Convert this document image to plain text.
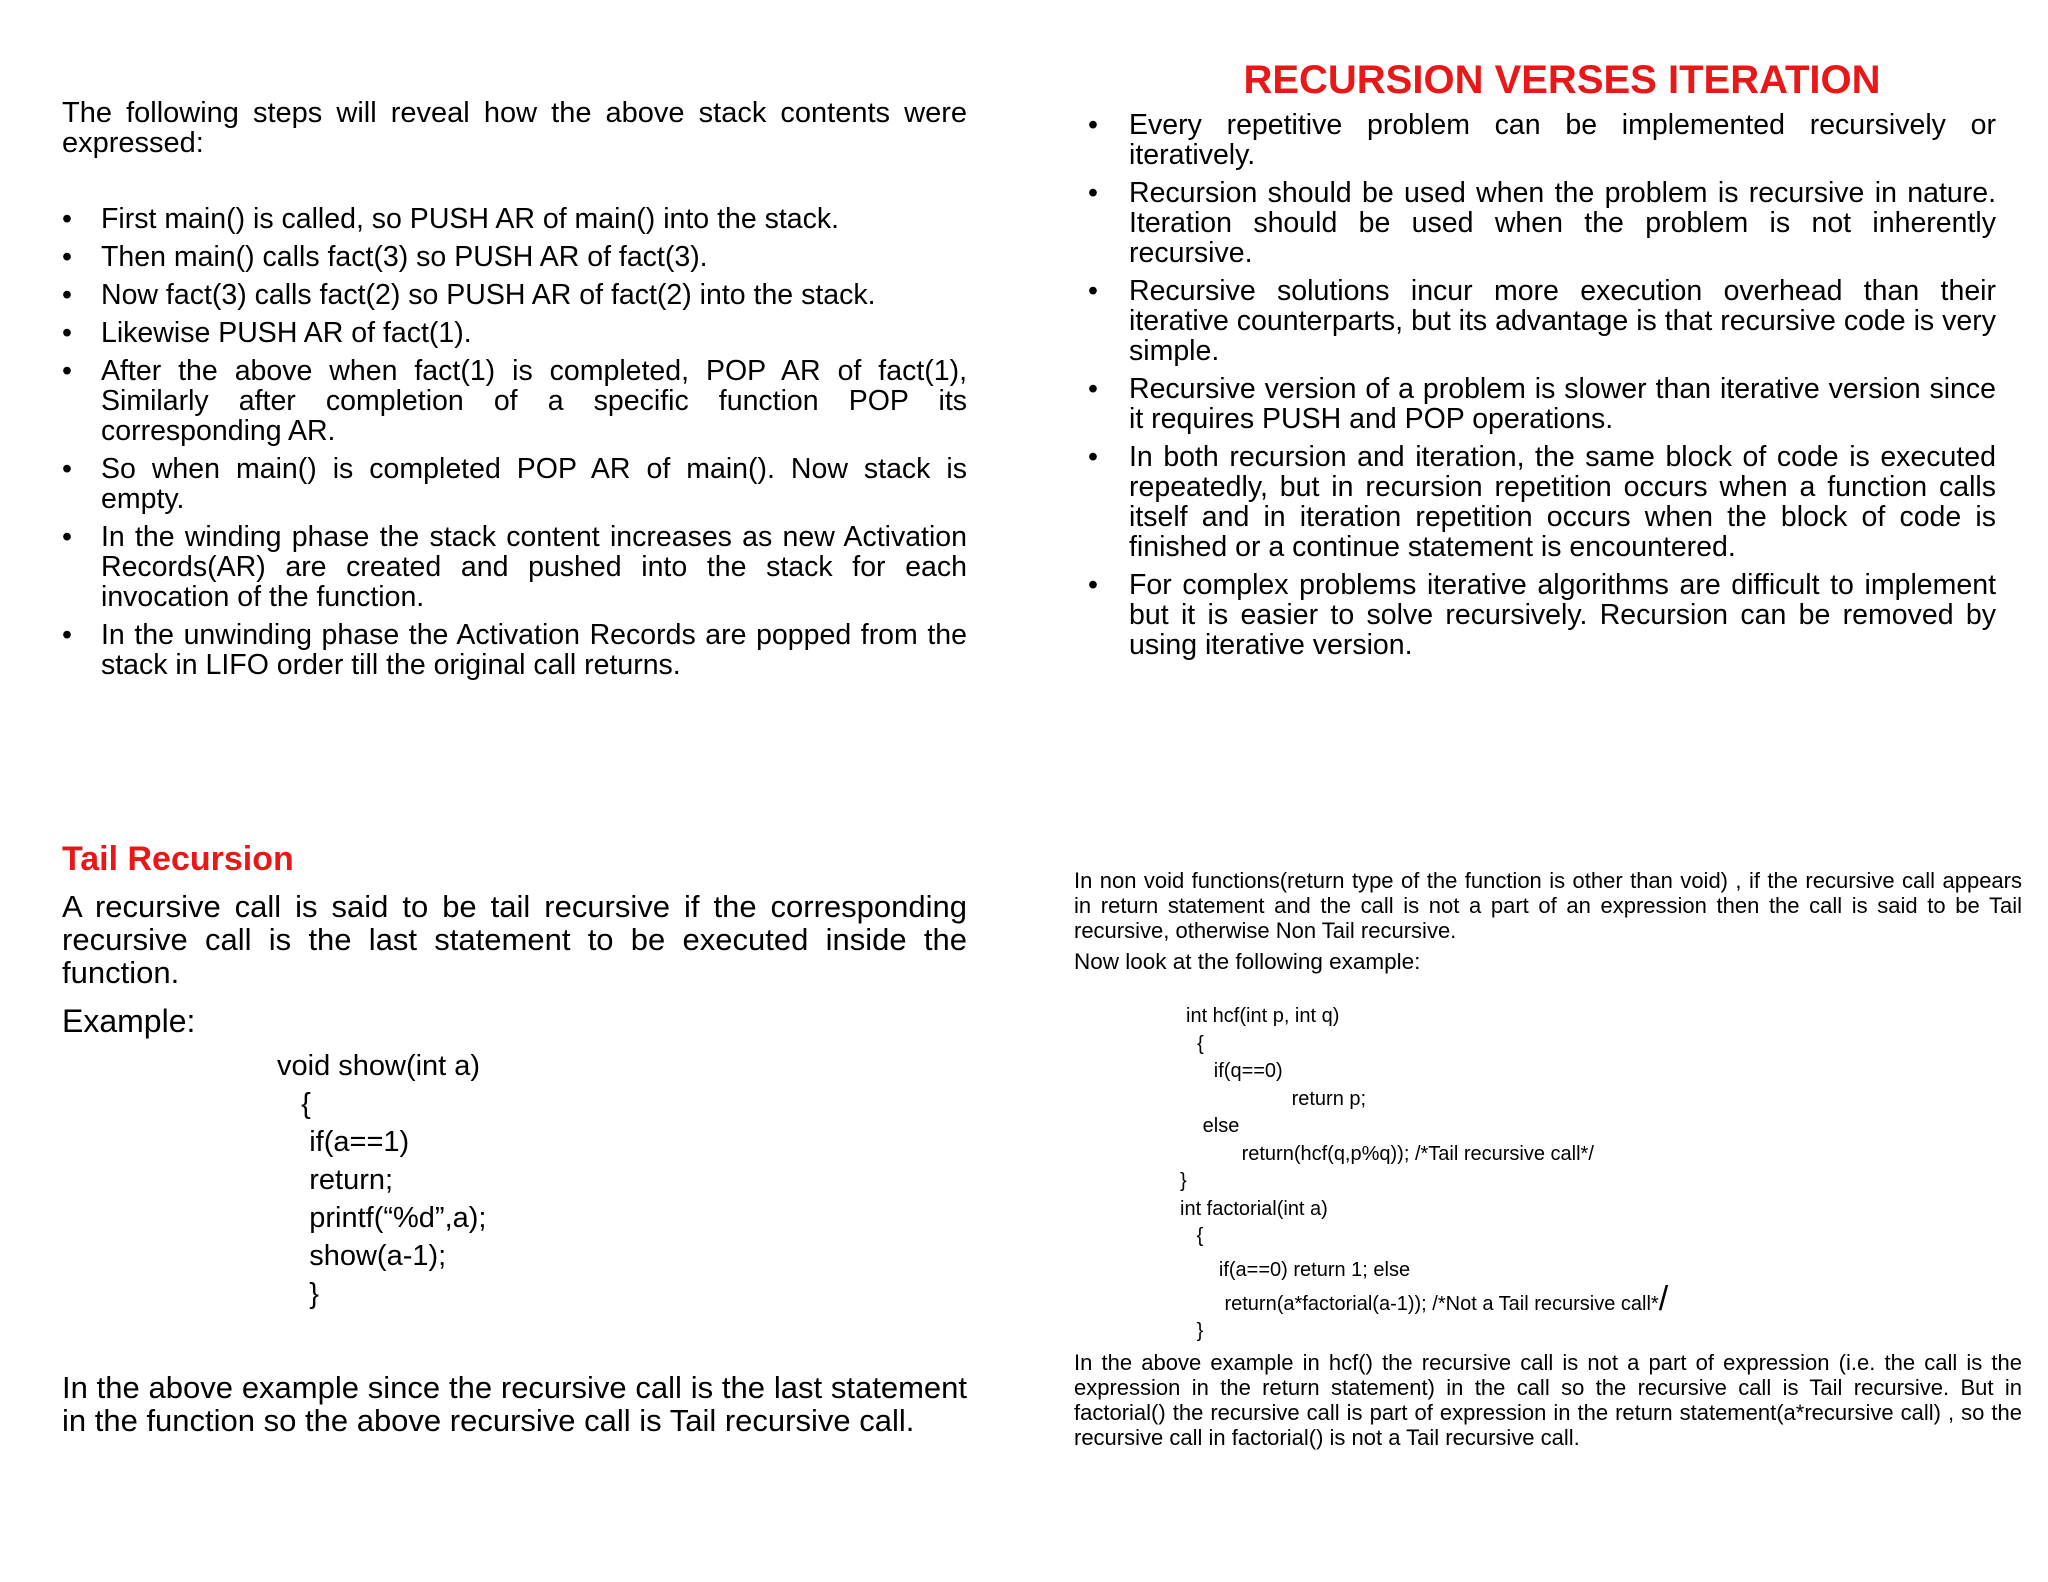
The following steps will reveal how the above stack contents were expressed:

• First main() is called, so PUSH AR of main() into the stack.
• Then main() calls fact(3) so PUSH AR of fact(3).
• Now fact(3) calls fact(2) so PUSH AR of fact(2) into the stack.
• Likewise PUSH AR of fact(1).
• After the above when fact(1) is completed, POP AR of fact(1), Similarly after completion of a specific function POP its corresponding AR.
• So when main() is completed POP AR of main(). Now stack is empty.
• In the winding phase the stack content increases as new Activation Records(AR) are created and pushed into the stack for each invocation of the function.
• In the unwinding phase the Activation Records are popped from the stack in LIFO order till the original call returns.
RECURSION VERSES ITERATION
• Every repetitive problem can be implemented recursively or iteratively.
• Recursion should be used when the problem is recursive in nature. Iteration should be used when the problem is not inherently recursive.
• Recursive solutions incur more execution overhead than their iterative counterparts, but its advantage is that recursive code is very simple.
• Recursive version of a problem is slower than iterative version since it requires PUSH and POP operations.
• In both recursion and iteration, the same block of code is executed repeatedly, but in recursion repetition occurs when a function calls itself and in iteration repetition occurs when the block of code is finished or a continue statement is encountered.
• For complex problems iterative algorithms are difficult to implement but it is easier to solve recursively. Recursion can be removed by using iterative version.
Tail Recursion

A recursive call is said to be tail recursive if the corresponding recursive call is the last statement to be executed inside the function.

Example:

void show(int a)
{
if(a==1)
return;
printf(“%d”,a);
show(a-1);
}

In the above example since the recursive call is the last statement in the function so the above recursive call is Tail recursive call.

In non void functions(return type of the function is other than void) , if the recursive call appears in return statement and the call is not a part of an expression then the call is said to be Tail recursive, otherwise Non Tail recursive.

Now look at the following example:

int hcf(int p, int q)
{
if(q==0)
return p;
else
return(hcf(q,p%q)); /*Tail recursive call*/
}
int factorial(int a)
{
if(a==0) return 1; else
return(a*factorial(a-1)); /*Not a Tail recursive call*/
}

In the above example in hcf() the recursive call is not a part of expression (i.e. the call is the expression in the return statement) in the call so the recursive call is Tail recursive. But in factorial() the recursive call is part of expression in the return statement(a*recursive call) , so the recursive call in factorial() is not a Tail recursive call.
